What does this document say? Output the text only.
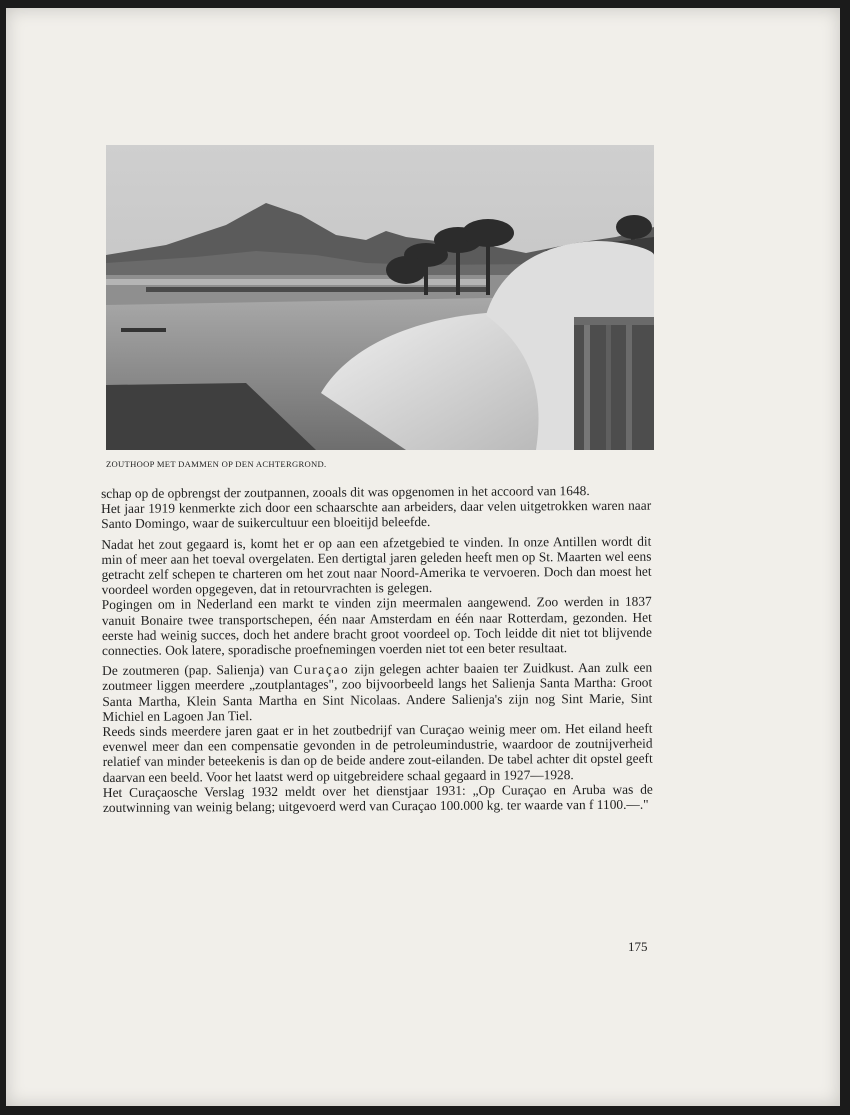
ZOUTHOOP MET DAMMEN OP DEN ACHTERGROND.

schap op de opbrengst der zoutpannen, zooals dit was opgenomen in het accoord van 1648.

Het jaar 1919 kenmerkte zich door een schaarschte aan arbeiders, daar velen uitgetrokken waren naar Santo Domingo, waar de suikercultuur een bloeitijd beleefde.

Nadat het zout gegaard is, komt het er op aan een afzetgebied te vinden. In onze Antillen wordt dit min of meer aan het toeval overgelaten. Een dertigtal jaren geleden heeft men op St. Maarten wel eens getracht zelf schepen te charteren om het zout naar Noord-Amerika te vervoeren. Doch dan moest het voordeel worden opgegeven, dat in retourvrachten is gelegen.

Pogingen om in Nederland een markt te vinden zijn meermalen aangewend. Zoo werden in 1837 vanuit Bonaire twee transportschepen, één naar Amsterdam en één naar Rotterdam, gezonden. Het eerste had weinig succes, doch het andere bracht groot voordeel op. Toch leidde dit niet tot blijvende connecties. Ook latere, sporadische proefnemingen voerden niet tot een beter resultaat.

De zoutmeren (pap. Salienja) van Curaçao zijn gelegen achter baaien ter Zuidkust. Aan zulk een zoutmeer liggen meerdere „zoutplantages", zoo bijvoorbeeld langs het Salienja Santa Martha: Groot Santa Martha, Klein Santa Martha en Sint Nicolaas. Andere Salienja's zijn nog Sint Marie, Sint Michiel en Lagoen Jan Tiel.

Reeds sinds meerdere jaren gaat er in het zoutbedrijf van Curaçao weinig meer om. Het eiland heeft evenwel meer dan een compensatie gevonden in de petroleumindustrie, waardoor de zoutnijverheid relatief van minder beteekenis is dan op de beide andere zout-eilanden. De tabel achter dit opstel geeft daarvan een beeld. Voor het laatst werd op uitgebreidere schaal gegaard in 1927—1928.

Het Curaçaosche Verslag 1932 meldt over het dienstjaar 1931: „Op Curaçao en Aruba was de zoutwinning van weinig belang; uitgevoerd werd van Curaçao 100.000 kg. ter waarde van f 1100.—."

175
